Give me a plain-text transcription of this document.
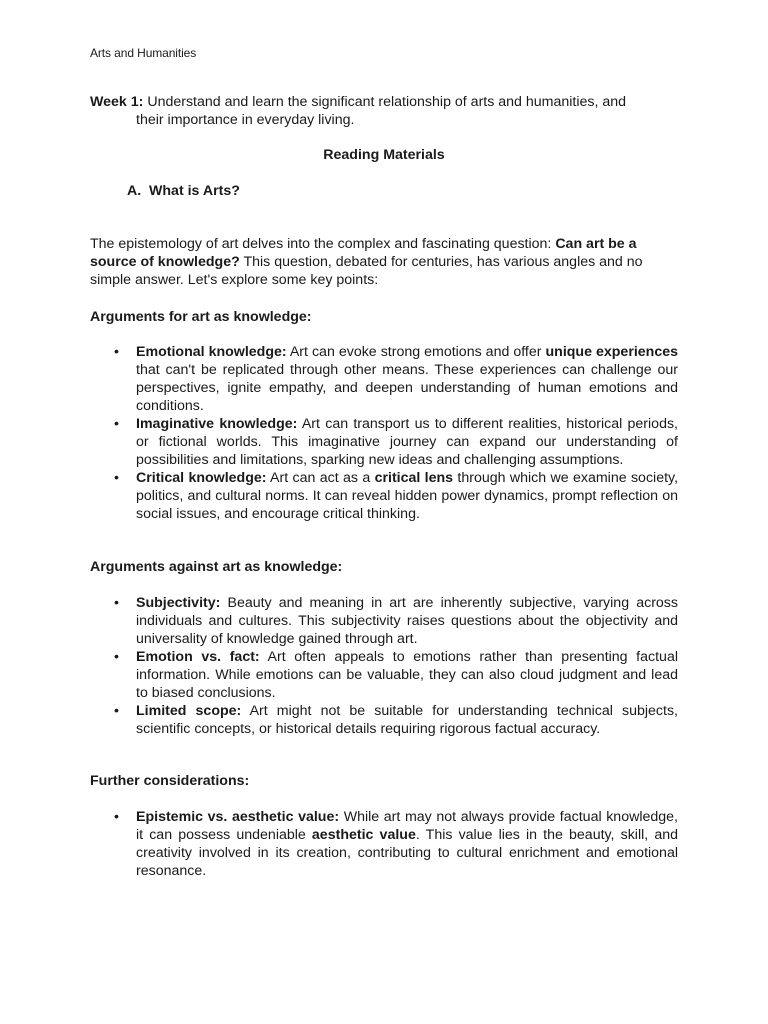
Arts and Humanities
Week 1: Understand and learn the significant relationship of arts and humanities, and
their importance in everyday living.
Reading Materials
A. What is Arts?
The epistemology of art delves into the complex and fascinating question: Can art be a source of knowledge? This question, debated for centuries, has various angles and no simple answer. Let's explore some key points:
Arguments for art as knowledge:
•	Emotional knowledge: Art can evoke strong emotions and offer unique experiences that can't be replicated through other means. These experiences can challenge our perspectives, ignite empathy, and deepen understanding of human emotions and conditions.
•	Imaginative knowledge: Art can transport us to different realities, historical periods, or fictional worlds. This imaginative journey can expand our understanding of possibilities and limitations, sparking new ideas and challenging assumptions.
•	Critical knowledge: Art can act as a critical lens through which we examine society, politics, and cultural norms. It can reveal hidden power dynamics, prompt reflection on social issues, and encourage critical thinking.
Arguments against art as knowledge:
•	Subjectivity: Beauty and meaning in art are inherently subjective, varying across individuals and cultures. This subjectivity raises questions about the objectivity and universality of knowledge gained through art.
•	Emotion vs. fact: Art often appeals to emotions rather than presenting factual information. While emotions can be valuable, they can also cloud judgment and lead to biased conclusions.
•	Limited scope: Art might not be suitable for understanding technical subjects, scientific concepts, or historical details requiring rigorous factual accuracy.
Further considerations:
•	Epistemic vs. aesthetic value: While art may not always provide factual knowledge, it can possess undeniable aesthetic value. This value lies in the beauty, skill, and creativity involved in its creation, contributing to cultural enrichment and emotional resonance.
